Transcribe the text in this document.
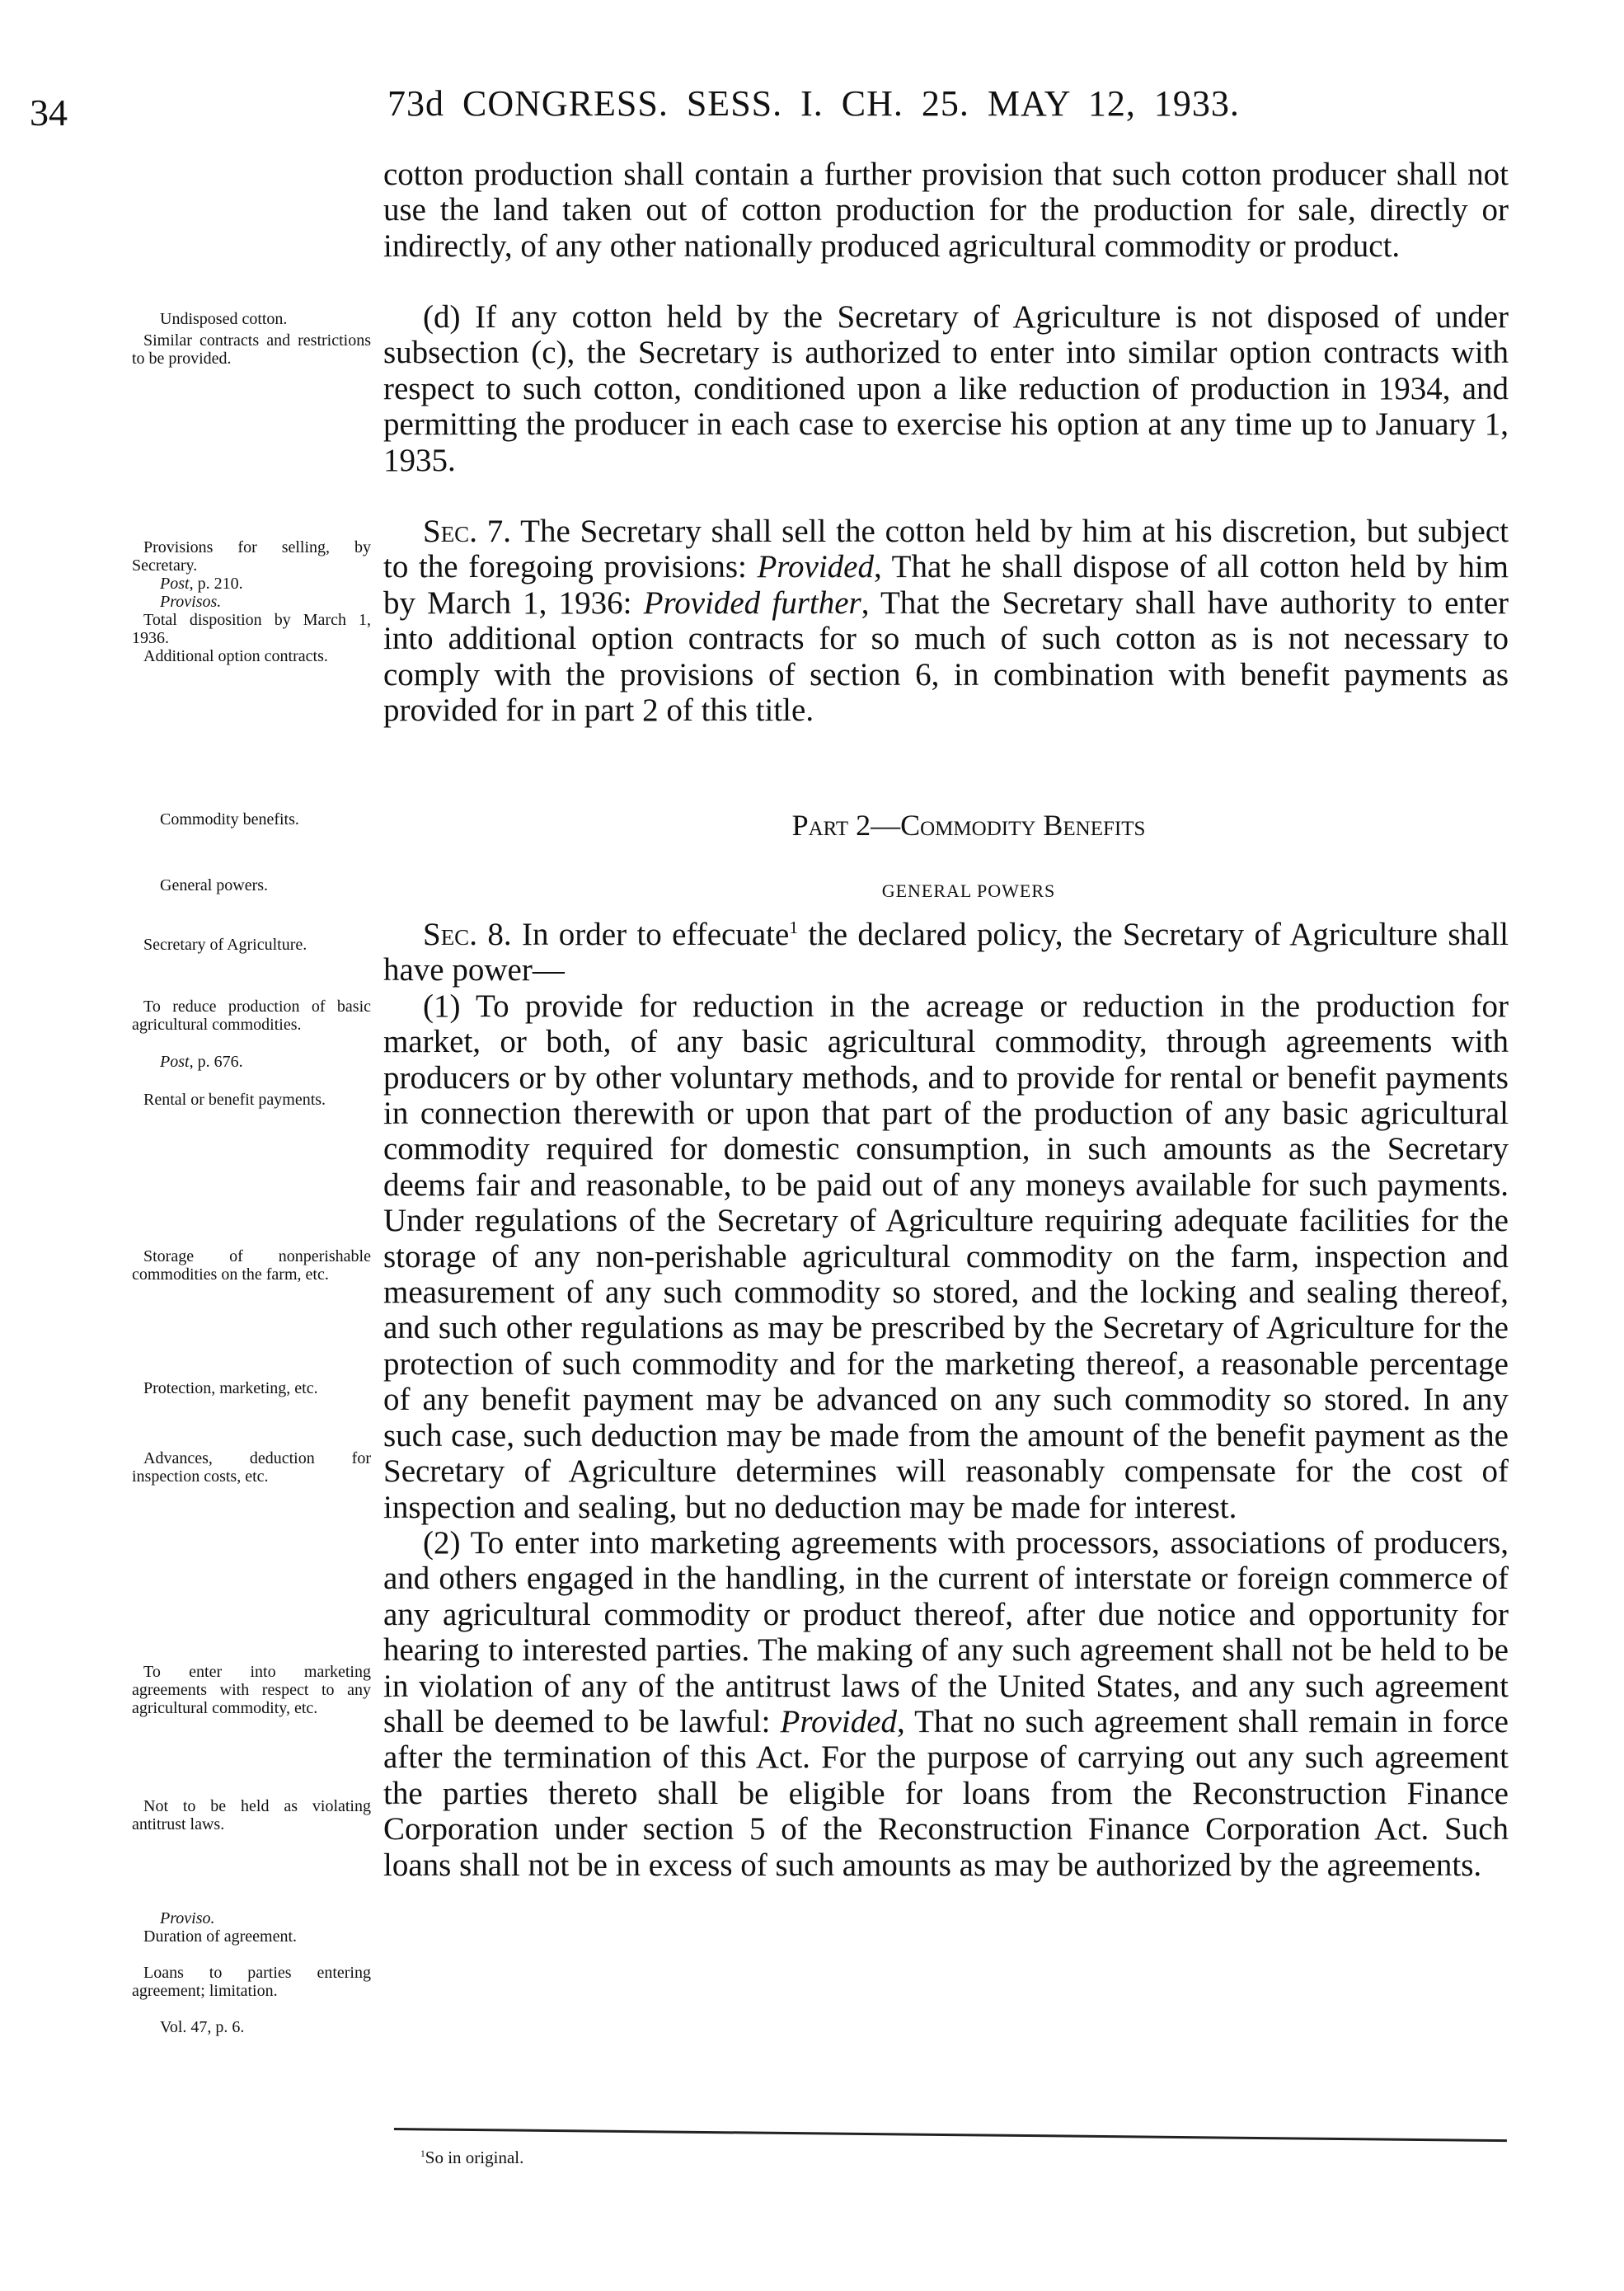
34	73d CONGRESS. SESS. I. CH. 25. MAY 12, 1933.

cotton production shall contain a further provision that such cotton producer shall not use the land taken out of cotton production for the production for sale, directly or indirectly, of any other nationally produced agricultural commodity or product.

(d) If any cotton held by the Secretary of Agriculture is not disposed of under subsection (c), the Secretary is authorized to enter into similar option contracts with respect to such cotton, conditioned upon a like reduction of production in 1934, and permitting the producer in each case to exercise his option at any time up to January 1, 1935.

Sec. 7. The Secretary shall sell the cotton held by him at his discretion, but subject to the foregoing provisions: Provided, That he shall dispose of all cotton held by him by March 1, 1936: Provided further, That the Secretary shall have authority to enter into additional option contracts for so much of such cotton as is not necessary to comply with the provisions of section 6, in combination with benefit payments as provided for in part 2 of this title.

Part 2—Commodity Benefits
GENERAL POWERS

Sec. 8. In order to effecuate$^1$ the declared policy, the Secretary of Agriculture shall have power—

(1) To provide for reduction in the acreage or reduction in the production for market, or both, of any basic agricultural commodity, through agreements with producers or by other voluntary methods, and to provide for rental or benefit payments in connection therewith or upon that part of the production of any basic agricultural commodity required for domestic consumption, in such amounts as the Secretary deems fair and reasonable, to be paid out of any moneys available for such payments. Under regulations of the Secretary of Agriculture requiring adequate facilities for the storage of any non-perishable agricultural commodity on the farm, inspection and measurement of any such commodity so stored, and the locking and sealing thereof, and such other regulations as may be prescribed by the Secretary of Agriculture for the protection of such commodity and for the marketing thereof, a reasonable percentage of any benefit payment may be advanced on any such commodity so stored. In any such case, such deduction may be made from the amount of the benefit payment as the Secretary of Agriculture determines will reasonably compensate for the cost of inspection and sealing, but no deduction may be made for interest.

(2) To enter into marketing agreements with processors, associations of producers, and others engaged in the handling, in the current of interstate or foreign commerce of any agricultural commodity or product thereof, after due notice and opportunity for hearing to interested parties. The making of any such agreement shall not be held to be in violation of any of the antitrust laws of the United States, and any such agreement shall be deemed to be lawful: Provided, That no such agreement shall remain in force after the termination of this Act. For the purpose of carrying out any such agreement the parties thereto shall be eligible for loans from the Reconstruction Finance Corporation under section 5 of the Reconstruction Finance Corporation Act. Such loans shall not be in excess of such amounts as may be authorized by the agreements.

Undisposed cotton.
Similar contracts and restrictions to be provided.
Provisions for selling, by Secretary.
Post, p. 210.
Provisos.
Total disposition by March 1, 1936.
Additional option contracts.
Commodity benefits.
General powers.
Secretary of Agriculture.
To reduce production of basic agricultural commodities.
Post, p. 676.
Rental or benefit payments.
Storage of nonperishable commodities on the farm, etc.
Protection, marketing, etc.
Advances, deduction for inspection costs, etc.
To enter into marketing agreements with respect to any agricultural commodity, etc.
Not to be held as violating antitrust laws.
Proviso.
Duration of agreement.
Loans to parties entering agreement; limitation.
Vol. 47, p. 6.
$^1$So in original.
